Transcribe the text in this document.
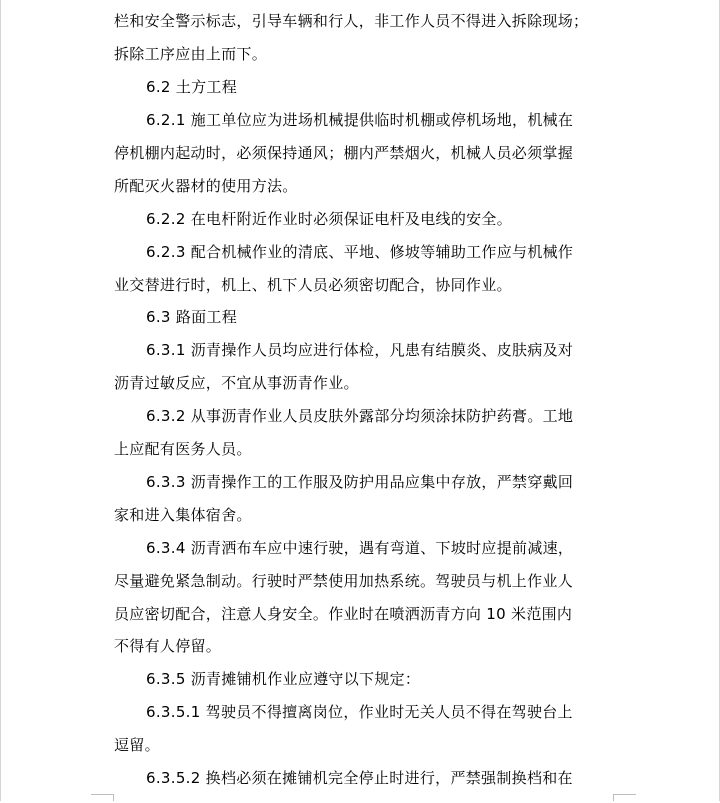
栏和安全警示标志，引导车辆和行人，非工作人员不得进入拆除现场；
拆除工序应由上而下。
6.2 土方工程
6.2.1 施工单位应为进场机械提供临时机棚或停机场地，机械在
停机棚内起动时，必须保持通风；棚内严禁烟火，机械人员必须掌握
所配灭火器材的使用方法。
6.2.2 在电杆附近作业时必须保证电杆及电线的安全。
6.2.3 配合机械作业的清底、平地、修坡等辅助工作应与机械作
业交替进行时，机上、机下人员必须密切配合，协同作业。
6.3 路面工程
6.3.1 沥青操作人员均应进行体检，凡患有结膜炎、皮肤病及对
沥青过敏反应，不宜从事沥青作业。
6.3.2 从事沥青作业人员皮肤外露部分均须涂抹防护药膏。工地
上应配有医务人员。
6.3.3 沥青操作工的工作服及防护用品应集中存放，严禁穿戴回
家和进入集体宿舍。
6.3.4 沥青洒布车应中速行驶，遇有弯道、下坡时应提前减速，
尽量避免紧急制动。行驶时严禁使用加热系统。驾驶员与机上作业人
员应密切配合，注意人身安全。作业时在喷洒沥青方向 10 米范围内
不得有人停留。
6.3.5 沥青摊铺机作业应遵守以下规定：
6.3.5.1 驾驶员不得擅离岗位，作业时无关人员不得在驾驶台上
逗留。
6.3.5.2 换档必须在摊铺机完全停止时进行，严禁强制换档和在
